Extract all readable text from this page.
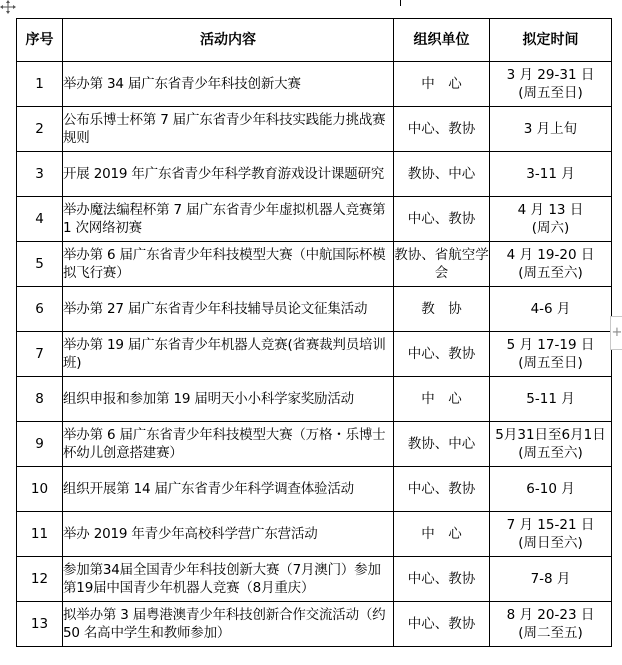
序号	活动内容	组织单位	拟定时间
1	举办第 34 届广东省青少年科技创新大赛	中　心	3 月 29-31 日
(周五至日)

2	公布乐博士杯第 7 届广东省青少年科技实践能力挑战赛规则	中心、教协	3 月上旬

3	开展 2019 年广东省青少年科学教育游戏设计课题研究	教协、中心	3-11 月

4	举办魔法编程杯第 7 届广东省青少年虚拟机器人竞赛第 1 次网络初赛	中心、教协	4 月 13 日
(周六)

5	举办第 6 届广东省青少年科技模型大赛（中航国际杯模拟飞行赛）	教协、省航空学会	4 月 19-20 日
(周五至六)

6	举办第 27 届广东省青少年科技辅导员论文征集活动	教　协	4-6 月

7	举办第 19 届广东省青少年机器人竞赛(省赛裁判员培训班)	中心、教协	5 月 17-19 日
(周五至日)

8	组织申报和参加第 19 届明天小小科学家奖励活动	中　心	5-11 月

9	举办第 6 届广东省青少年科技模型大赛（万格・乐博士杯幼儿创意搭建赛）	教协、中心	5月31日至6月1日
(周五至六)

10	组织开展第 14 届广东省青少年科学调查体验活动	中心、教协	6-10 月

11	举办 2019 年青少年高校科学营广东营活动	中　心	7 月 15-21 日
(周日至六)

12	参加第34届全国青少年科技创新大赛（7月澳门）参加第19届中国青少年机器人竞赛（8月重庆）	中心、教协	7-8 月

13	拟举办第 3 届粤港澳青少年科技创新合作交流活动（约 50 名高中学生和教师参加）	中心、教协	8 月 20-23 日
(周二至五)
+
